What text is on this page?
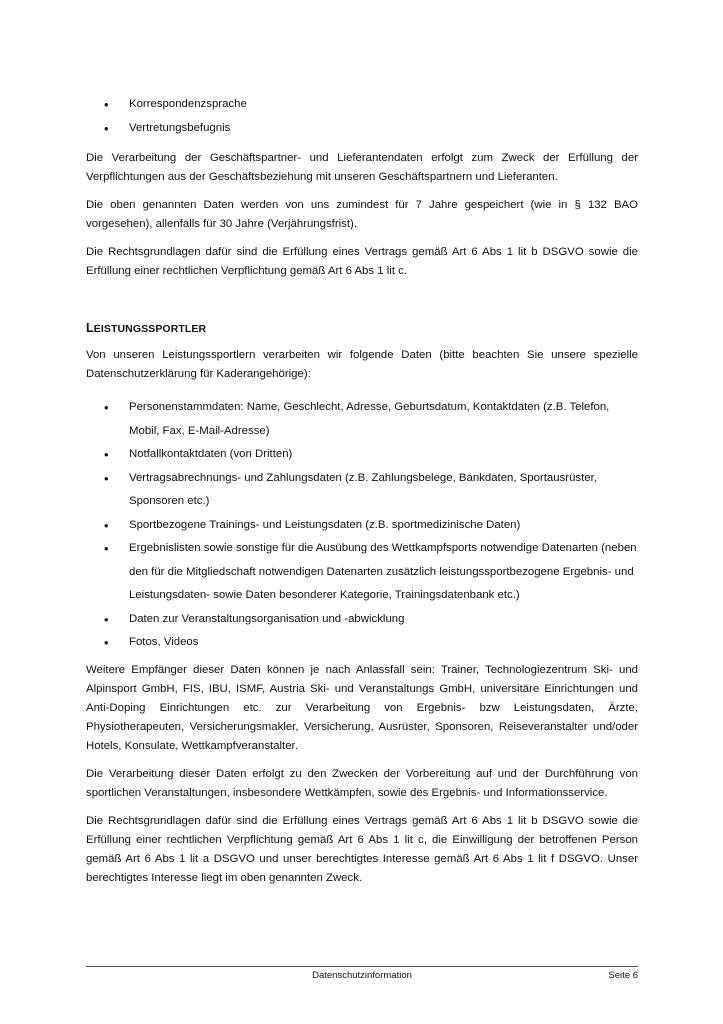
• Korrespondenzsprache
• Vertretungsbefugnis

Die Verarbeitung der Geschäftspartner- und Lieferantendaten erfolgt zum Zweck der Erfüllung der Verpflichtungen aus der Geschäftsbeziehung mit unseren Geschäftspartnern und Lieferanten.

Die oben genannten Daten werden von uns zumindest für 7 Jahre gespeichert (wie in § 132 BAO vorgesehen), allenfalls für 30 Jahre (Verjährungsfrist).

Die Rechtsgrundlagen dafür sind die Erfüllung eines Vertrags gemäß Art 6 Abs 1 lit b DSGVO sowie die Erfüllung einer rechtlichen Verpflichtung gemäß Art 6 Abs 1 lit c.

LEISTUNGSSPORTLER

Von unseren Leistungssportlern verarbeiten wir folgende Daten (bitte beachten Sie unsere spezielle Datenschutzerklärung für Kaderangehörige):

• Personenstammdaten: Name, Geschlecht, Adresse, Geburtsdatum, Kontaktdaten (z.B. Telefon, Mobil, Fax, E-Mail-Adresse)
• Notfallkontaktdaten (von Dritten)
• Vertragsabrechnungs- und Zahlungsdaten (z.B. Zahlungsbelege, Bankdaten, Sportausrüster, Sponsoren etc.)
• Sportbezogene Trainings- und Leistungsdaten (z.B. sportmedizinische Daten)
• Ergebnislisten sowie sonstige für die Ausübung des Wettkampfsports notwendige Datenarten (neben den für die Mitgliedschaft notwendigen Datenarten zusätzlich leistungssportbezogene Ergebnis- und Leistungsdaten- sowie Daten besonderer Kategorie, Trainingsdatenbank etc.)
• Daten zur Veranstaltungsorganisation und -abwicklung
• Fotos, Videos

Weitere Empfänger dieser Daten können je nach Anlassfall sein: Trainer, Technologiezentrum Ski- und Alpinsport GmbH, FIS, IBU, ISMF, Austria Ski- und Veranstaltungs GmbH, universitäre Einrichtungen und Anti-Doping Einrichtungen etc. zur Verarbeitung von Ergebnis- bzw Leistungsdaten, Ärzte, Physiotherapeuten, Versicherungsmakler, Versicherung, Ausrüster, Sponsoren, Reiseveranstalter und/oder Hotels, Konsulate, Wettkampfveranstalter.

Die Verarbeitung dieser Daten erfolgt zu den Zwecken der Vorbereitung auf und der Durchführung von sportlichen Veranstaltungen, insbesondere Wettkämpfen, sowie des Ergebnis- und Informationsservice.

Die Rechtsgrundlagen dafür sind die Erfüllung eines Vertrags gemäß Art 6 Abs 1 lit b DSGVO sowie die Erfüllung einer rechtlichen Verpflichtung gemäß Art 6 Abs 1 lit c, die Einwilligung der betroffenen Person gemäß Art 6 Abs 1 lit a DSGVO und unser berechtigtes Interesse gemäß Art 6 Abs 1 lit f DSGVO. Unser berechtigtes Interesse liegt im oben genannten Zweck.

Datenschutzinformation	Seite 6
